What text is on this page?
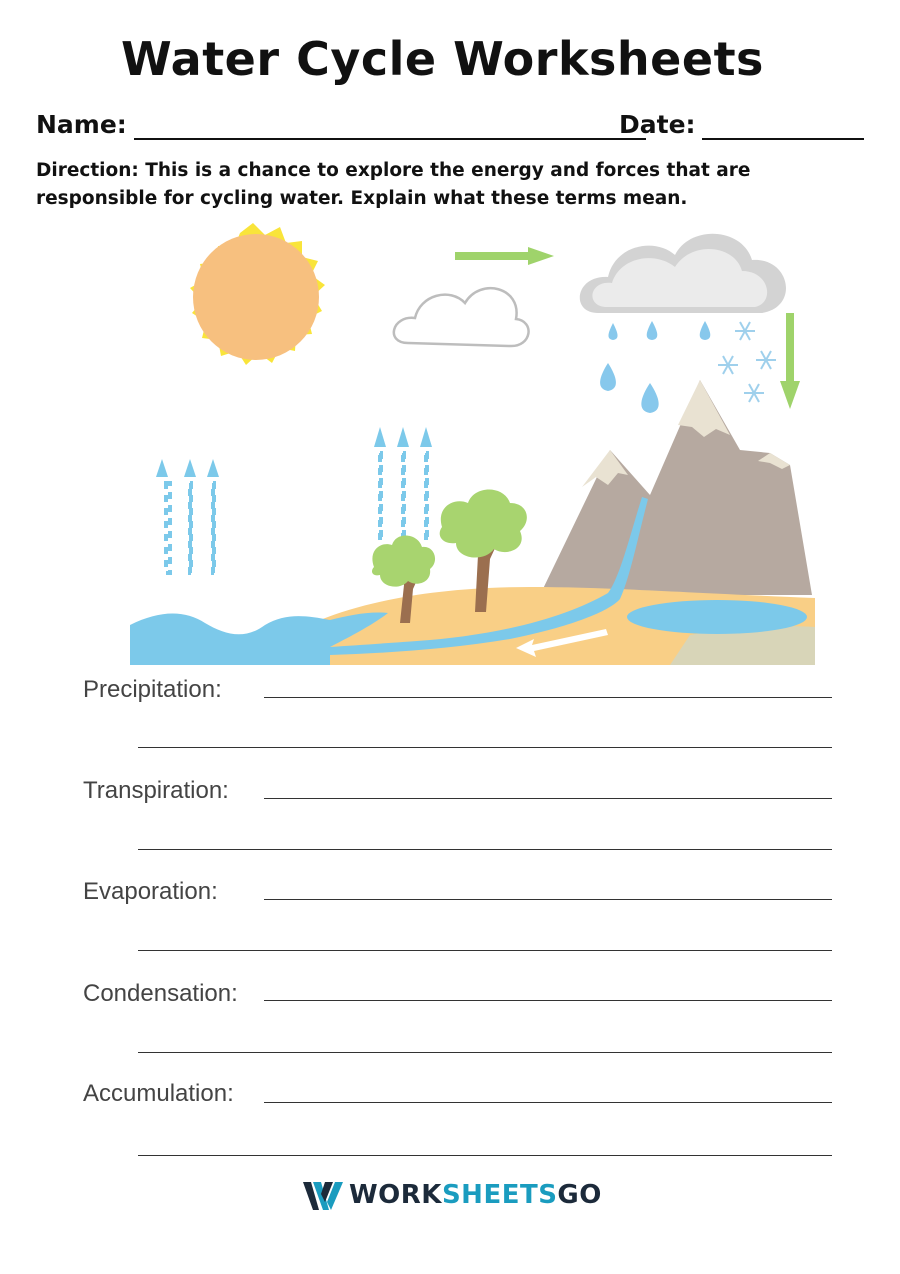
Water Cycle Worksheets
Name:	Date:
Direction: This is a chance to explore the energy and forces that are responsible for cycling water. Explain what these terms mean.
Precipitation:
Transpiration:
Evaporation:
Condensation:
Accumulation:
WORKSHEETSGO
